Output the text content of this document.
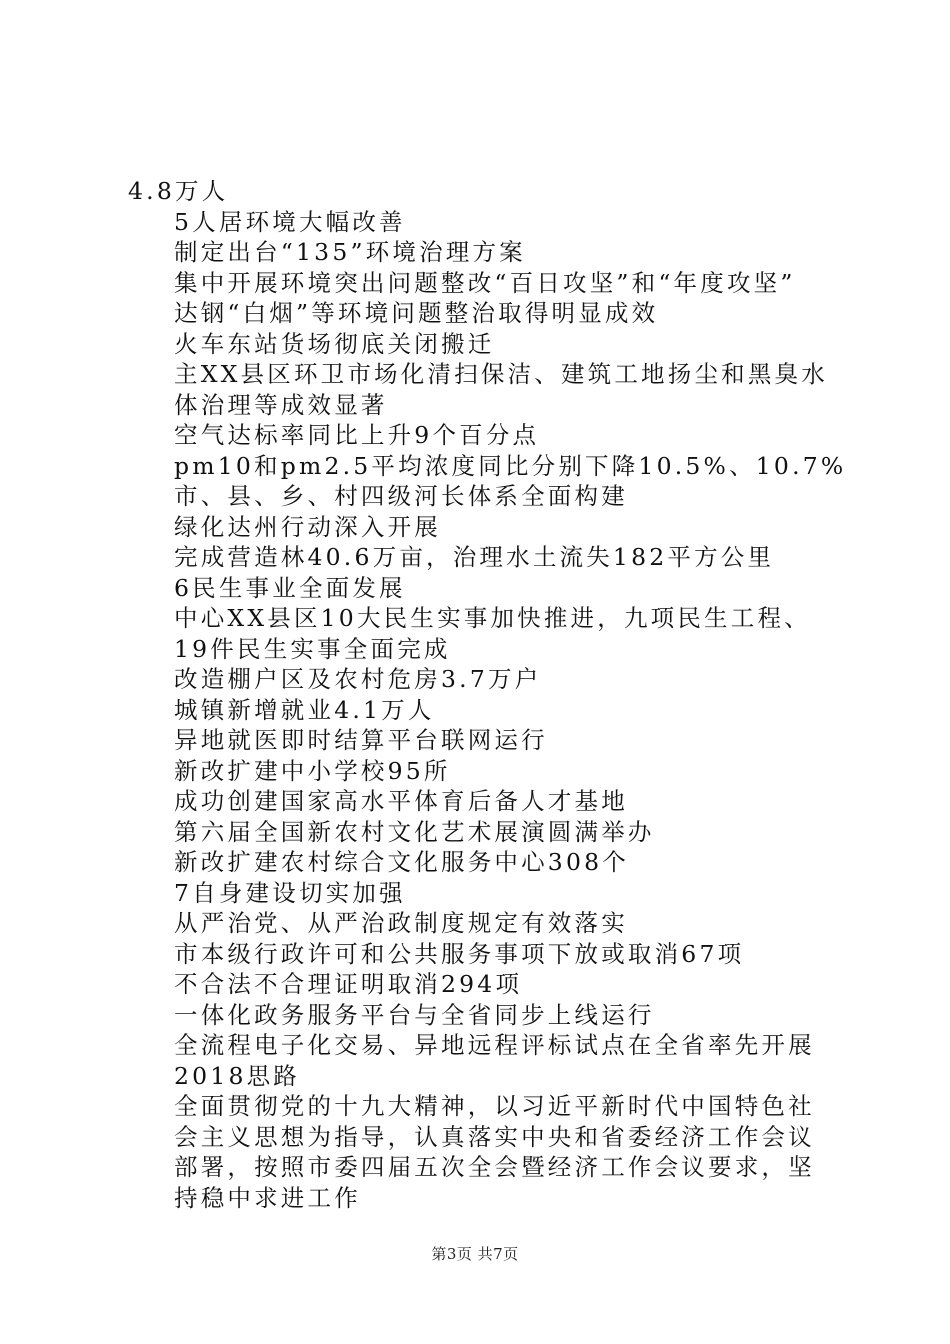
4.8万人
5人居环境大幅改善
制定出台“135”环境治理方案
集中开展环境突出问题整改“百日攻坚”和“年度攻坚”
达钢“白烟”等环境问题整治取得明显成效
火车东站货场彻底关闭搬迁
主XX县区环卫市场化清扫保洁、建筑工地扬尘和黑臭水体治理等成效显著
空气达标率同比上升9个百分点
pm10和pm2.5平均浓度同比分别下降10.5%、10.7%
市、县、乡、村四级河长体系全面构建
绿化达州行动深入开展
完成营造林40.6万亩，治理水土流失182平方公里
6民生事业全面发展
中心XX县区10大民生实事加快推进，九项民生工程、19件民生实事全面完成
改造棚户区及农村危房3.7万户
城镇新增就业4.1万人
异地就医即时结算平台联网运行
新改扩建中小学校95所
成功创建国家高水平体育后备人才基地
第六届全国新农村文化艺术展演圆满举办
新改扩建农村综合文化服务中心308个
7自身建设切实加强
从严治党、从严治政制度规定有效落实
市本级行政许可和公共服务事项下放或取消67项
不合法不合理证明取消294项
一体化政务服务平台与全省同步上线运行
全流程电子化交易、异地远程评标试点在全省率先开展
2018思路
全面贯彻党的十九大精神，以习近平新时代中国特色社会主义思想为指导，认真落实中央和省委经济工作会议部署，按照市委四届五次全会暨经济工作会议要求，坚持稳中求进工作
第3页 共7页
